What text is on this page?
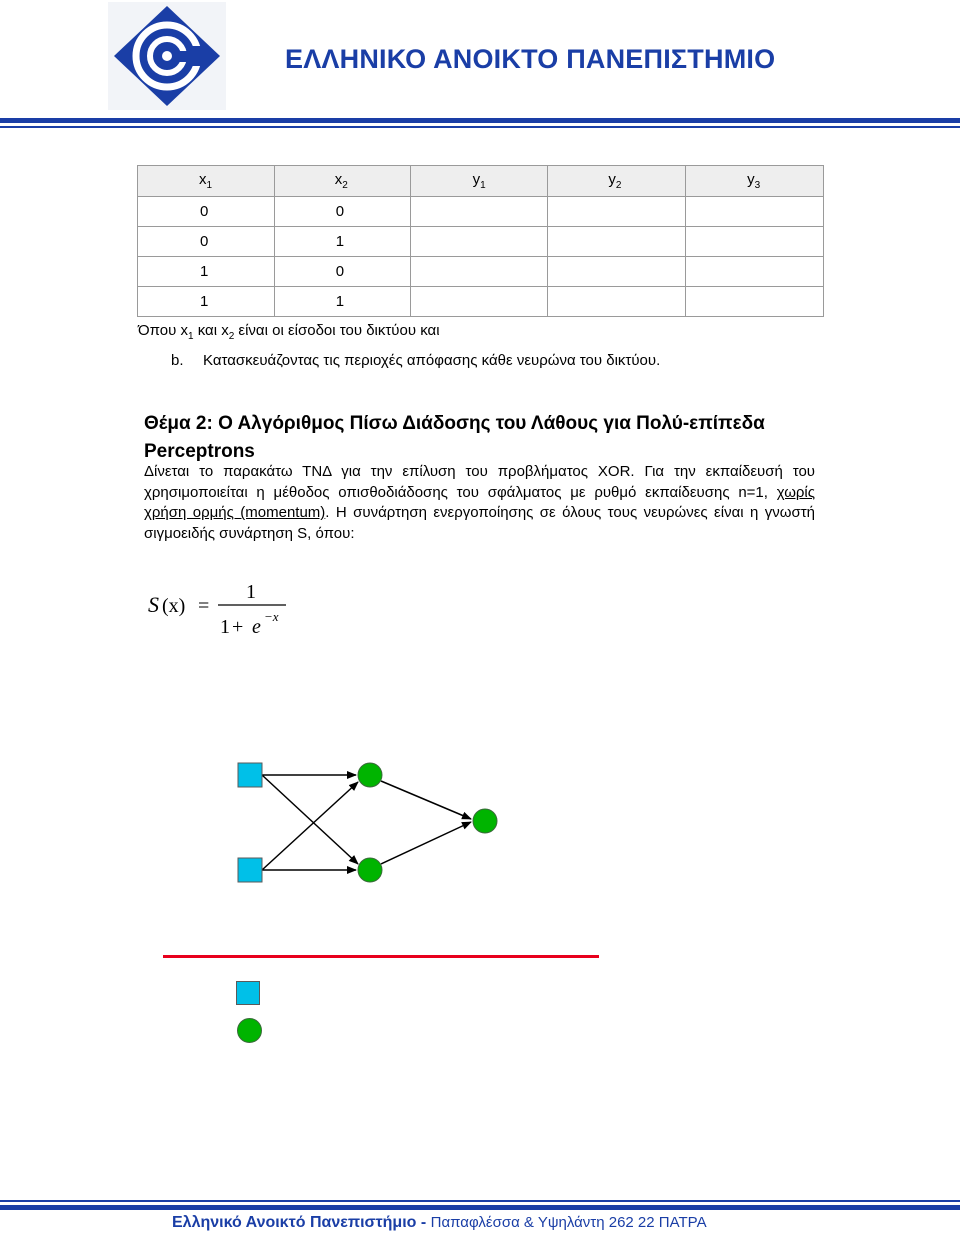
ΕΛΛΗΝΙΚΟ ΑΝΟΙΚΤΟ ΠΑΝΕΠΙΣΤΗΜΙΟ
$x_1$	$x_2$	$y_1$	$y_2$	$y_3$
0	0			
0	1			
1	0			
1	1			
Όπου $x_1$ και $x_2$ είναι οι είσοδοι του δικτύου και
b. Κατασκευάζοντας τις περιοχές απόφασης κάθε νευρώνα του δικτύου.
Θέμα 2: Ο Αλγόριθμος Πίσω Διάδοσης του Λάθους για Πολύ-επίπεδα Perceptrons
Δίνεται το παρακάτω ΤΝΔ για την επίλυση του προβλήματος XOR. Για την εκπαίδευσή του χρησιμοποιείται η μέθοδος οπισθοδιάδοσης του σφάλματος με ρυθμό εκπαίδευσης n=1, χωρίς χρήση ορμής (momentum). Η συνάρτηση ενεργοποίησης σε όλους τους νευρώνες είναι η γνωστή σιγμοειδής συνάρτηση S, όπου:
S (x) =
1
1 + e −x
Ελληνικό Ανοικτό Πανεπιστήμιο - Παπαφλέσσα & Υψηλάντη 262 22 ΠΑΤΡΑ
